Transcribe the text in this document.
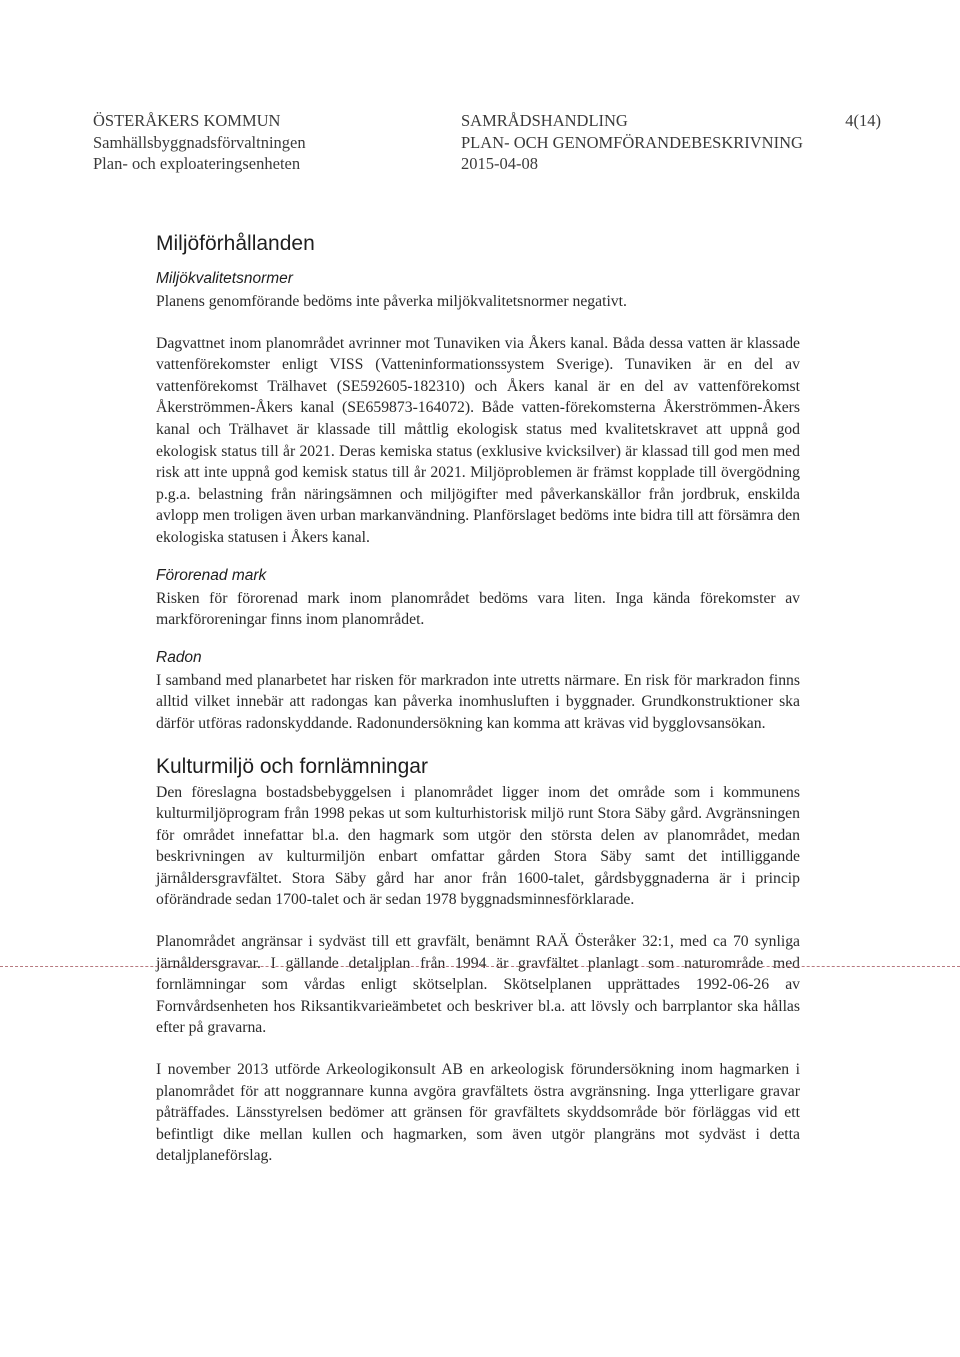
ÖSTERÅKERS KOMMUN
Samhällsbyggnadsförvaltningen
Plan- och exploateringsenheten
SAMRÅDSHANDLING	4(14)
PLAN- OCH GENOMFÖRANDEBESKRIVNING
2015-04-08
Miljöförhållanden
Miljökvalitetsnormer

Planens genomförande bedöms inte påverka miljökvalitetsnormer negativt.

Dagvattnet inom planområdet avrinner mot Tunaviken via Åkers kanal. Båda dessa vatten är klassade vattenförekomster enligt VISS (Vatteninformationssystem Sverige). Tunaviken är en del av vattenförekomst Trälhavet (SE592605-182310) och Åkers kanal är en del av vattenförekomst Åkerströmmen-Åkers kanal (SE659873-164072). Både vatten-förekomsterna Åkerströmmen-Åkers kanal och Trälhavet är klassade till måttlig ekologisk status med kvalitetskravet att uppnå god ekologisk status till år 2021. Deras kemiska status (exklusive kvicksilver) är klassad till god men med risk att inte uppnå god kemisk status till år 2021. Miljöproblemen är främst kopplade till övergödning p.g.a. belastning från näringsämnen och miljögifter med påverkanskällor från jordbruk, enskilda avlopp men troligen även urban markanvändning. Planförslaget bedöms inte bidra till att försämra den ekologiska statusen i Åkers kanal.

Förorenad mark

Risken för förorenad mark inom planområdet bedöms vara liten. Inga kända förekomster av markföroreningar finns inom planområdet.

Radon

I samband med planarbetet har risken för markradon inte utretts närmare. En risk för markradon finns alltid vilket innebär att radongas kan påverka inomhusluften i byggnader. Grundkonstruktioner ska därför utföras radonskyddande. Radonundersökning kan komma att krävas vid bygglovsansökan.

Kulturmiljö och fornlämningar

Den föreslagna bostadsbebyggelsen i planområdet ligger inom det område som i kommunens kulturmiljöprogram från 1998 pekas ut som kulturhistorisk miljö runt Stora Säby gård. Avgränsningen för området innefattar bl.a. den hagmark som utgör den största delen av planområdet, medan beskrivningen av kulturmiljön enbart omfattar gården Stora Säby samt det intilliggande järnåldersgravfältet. Stora Säby gård har anor från 1600-talet, gårdsbyggnaderna är i princip oförändrade sedan 1700-talet och är sedan 1978 byggnadsminnesförklarade.

Planområdet angränsar i sydväst till ett gravfält, benämnt RAÄ Österåker 32:1, med ca 70 synliga järnåldersgravar. I gällande detaljplan från 1994 är gravfältet planlagt som naturområde med fornlämningar som vårdas enligt skötselplan. Skötselplanen upprättades 1992-06-26 av Fornvårdsenheten hos Riksantikvarieämbetet och beskriver bl.a. att lövsly och barrplantor ska hållas efter på gravarna.

I november 2013 utförde Arkeologikonsult AB en arkeologisk förundersökning inom hagmarken i planområdet för att noggrannare kunna avgöra gravfältets östra avgränsning. Inga ytterligare gravar påträffades. Länsstyrelsen bedömer att gränsen för gravfältets skyddsområde bör förläggas vid ett befintligt dike mellan kullen och hagmarken, som även utgör plangräns mot sydväst i detta detaljplaneförslag.
